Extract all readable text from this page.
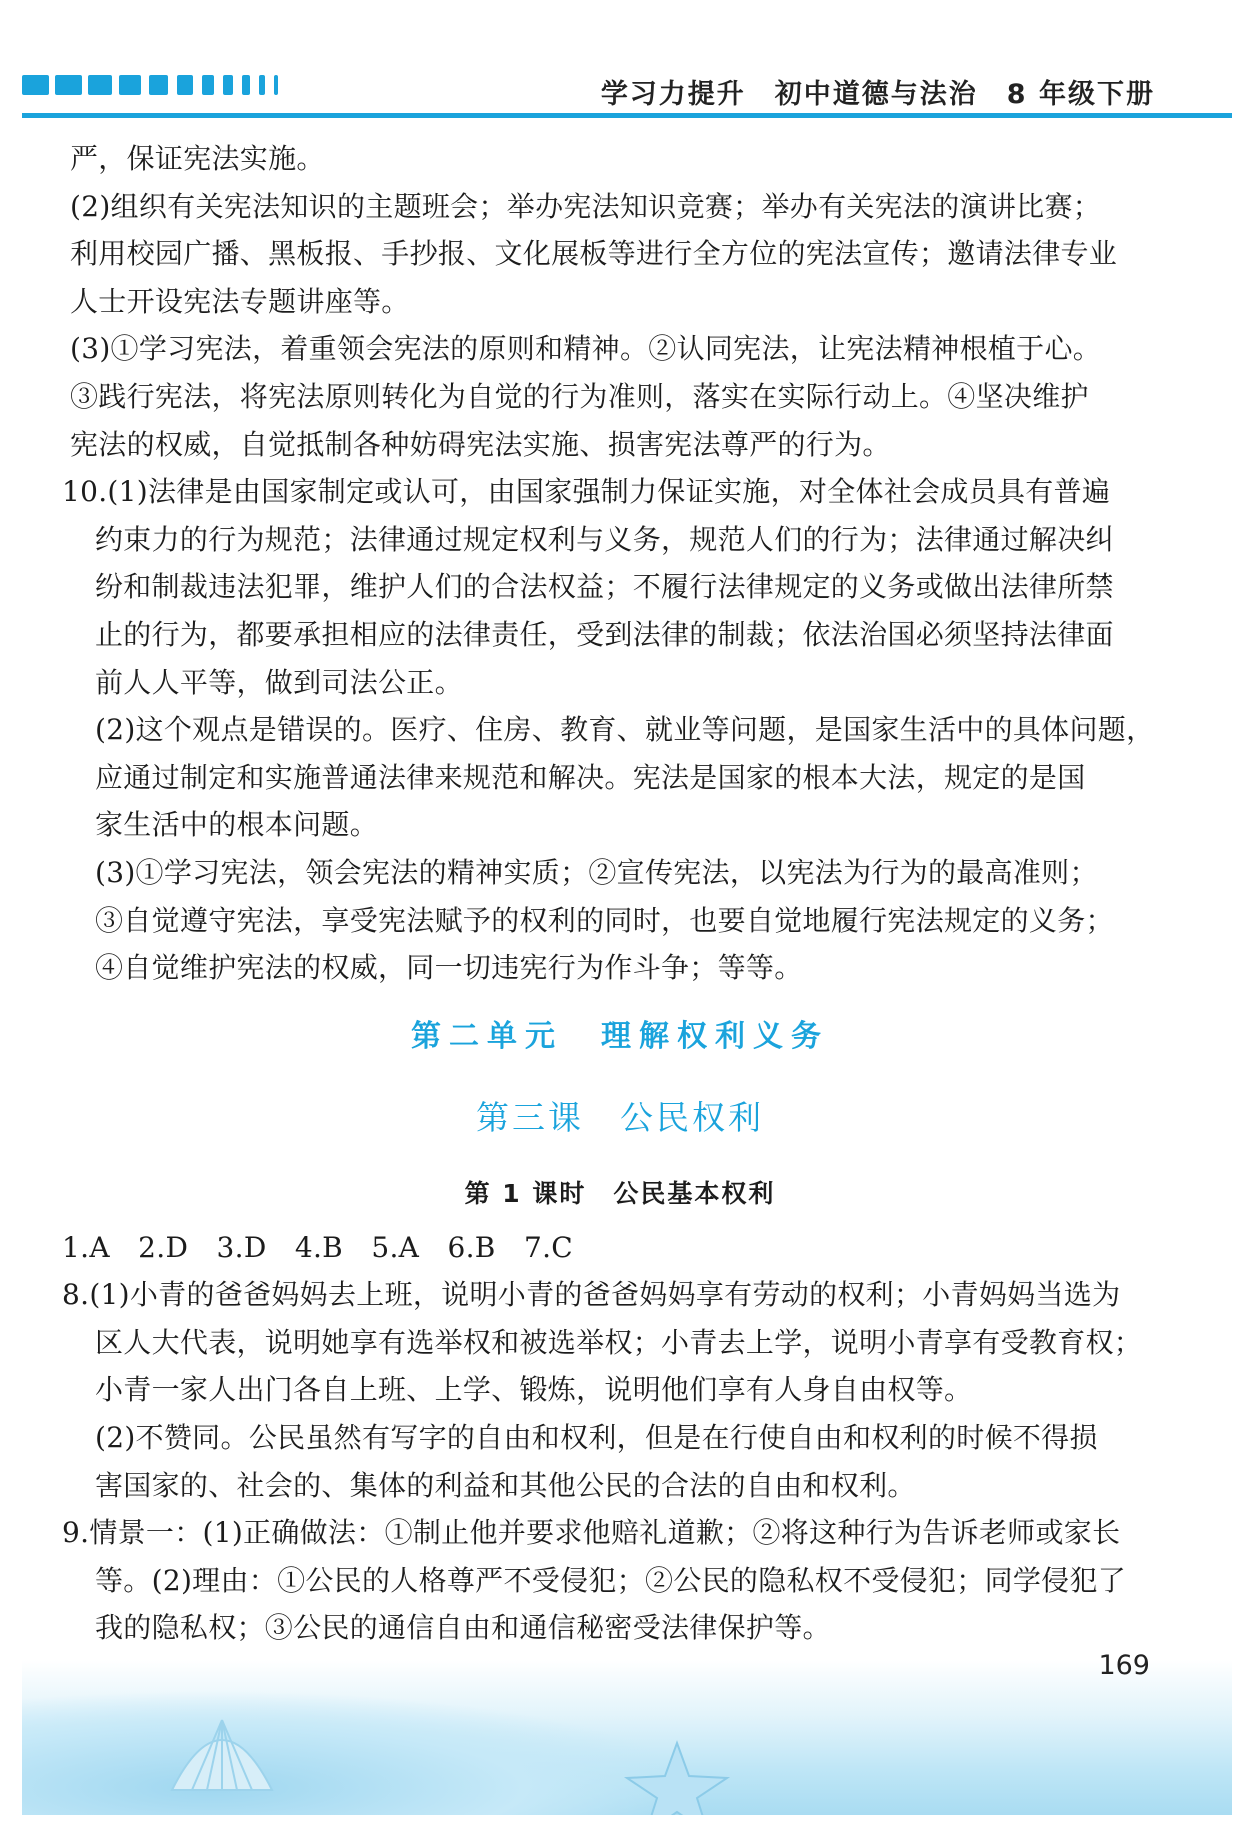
学习力提升　初中道德与法治　8 年级下册
严，保证宪法实施。
(2)组织有关宪法知识的主题班会；举办宪法知识竞赛；举办有关宪法的演讲比赛；
利用校园广播、黑板报、手抄报、文化展板等进行全方位的宪法宣传；邀请法律专业
人士开设宪法专题讲座等。
(3)①学习宪法，着重领会宪法的原则和精神。②认同宪法，让宪法精神根植于心。
③践行宪法，将宪法原则转化为自觉的行为准则，落实在实际行动上。④坚决维护
宪法的权威，自觉抵制各种妨碍宪法实施、损害宪法尊严的行为。
10.(1)法律是由国家制定或认可，由国家强制力保证实施，对全体社会成员具有普遍
约束力的行为规范；法律通过规定权利与义务，规范人们的行为；法律通过解决纠
纷和制裁违法犯罪，维护人们的合法权益；不履行法律规定的义务或做出法律所禁
止的行为，都要承担相应的法律责任，受到法律的制裁；依法治国必须坚持法律面
前人人平等，做到司法公正。
(2)这个观点是错误的。医疗、住房、教育、就业等问题，是国家生活中的具体问题，
应通过制定和实施普通法律来规范和解决。宪法是国家的根本大法，规定的是国
家生活中的根本问题。
(3)①学习宪法，领会宪法的精神实质；②宣传宪法，以宪法为行为的最高准则；
③自觉遵守宪法，享受宪法赋予的权利的同时，也要自觉地履行宪法规定的义务；
④自觉维护宪法的权威，同一切违宪行为作斗争；等等。
第二单元　理解权利义务
第三课　公民权利
第 1 课时　公民基本权利
1.A　2.D　3.D　4.B　5.A　6.B　7.C
8.(1)小青的爸爸妈妈去上班，说明小青的爸爸妈妈享有劳动的权利；小青妈妈当选为
区人大代表，说明她享有选举权和被选举权；小青去上学，说明小青享有受教育权；
小青一家人出门各自上班、上学、锻炼，说明他们享有人身自由权等。
(2)不赞同。公民虽然有写字的自由和权利，但是在行使自由和权利的时候不得损
害国家的、社会的、集体的利益和其他公民的合法的自由和权利。
9.情景一：(1)正确做法：①制止他并要求他赔礼道歉；②将这种行为告诉老师或家长
等。(2)理由：①公民的人格尊严不受侵犯；②公民的隐私权不受侵犯；同学侵犯了
我的隐私权；③公民的通信自由和通信秘密受法律保护等。
169
